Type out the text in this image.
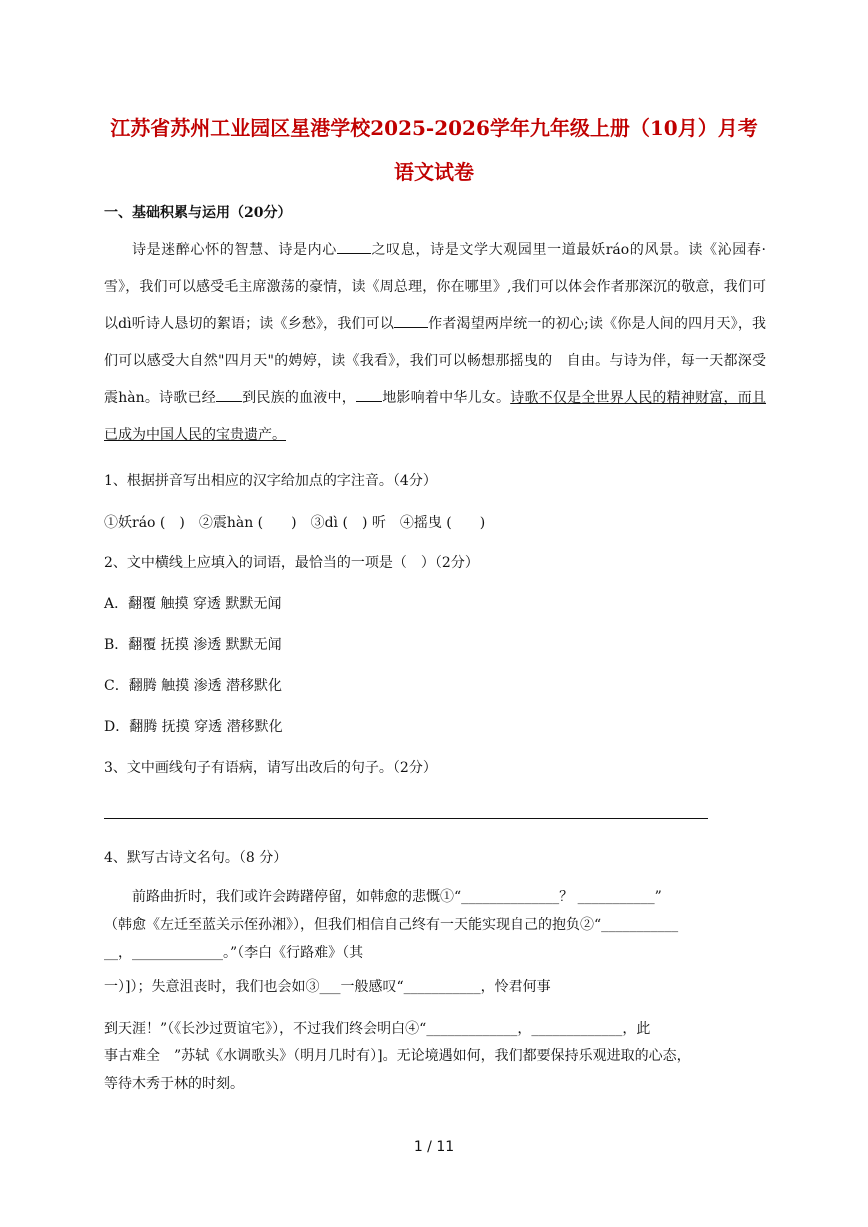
江苏省苏州工业园区星港学校2025-2026学年九年级上册（10月）月考
语文试卷
一、基础积累与运用（20分）

诗是迷醉心怀的智慧、诗是内心 之叹息，诗是文学大观园里一道最妖ráo的风景。读《沁园春·雪》，我们可以感受毛主席激荡的豪情，读《周总理，你在哪里》,我们可以体会作者那深沉的敬意，我们可以dì听诗人恳切的絮语；读《乡愁》，我们可以 作者渴望两岸统一的初心;读《你是人间的四月天》，我们可以感受大自然"四月天"的娉婷，读《我看》，我们可以畅想那摇曳的　自由。与诗为伴，每一天都深受震hàn。诗歌已经 到民族的血液中， 地影响着中华儿女。诗歌不仅是全世界人民的精神财富，而且已成为中国人民的宝贵遗产。

1、根据拼音写出相应的汉字给加点的字注音。（4分）
①妖ráo (　)　②震hàn (　　)　③dì (　) 听　④摇曳 (　　)
2、文中横线上应填入的词语，最恰当的一项是（　）（2分）
A．翻覆 触摸 穿透 默默无闻
B．翻覆 抚摸 渗透 默默无闻
C．翻腾 触摸 渗透 潜移默化
D．翻腾 抚摸 穿透 潜移默化
3、文中画线句子有语病，请写出改后的句子。（2分）
4、默写古诗文名句。（8 分）
前路曲折时，我们或许会踌躇停留，如韩愈的悲慨①“______________？ ___________”
（韩愈《左迁至蓝关示侄孙湘》），但我们相信自己终有一天能实现自己的抱负②“___________
__，_____________。”（李白《行路难》（其
一）]）；失意沮丧时，我们也会如③___一般感叹“___________，怜君何事
到天涯！”（《长沙过贾谊宅》），不过我们终会明白④“_____________，_____________，此
事古难全　”苏轼《水调歌头》（明月几时有）]。无论境遇如何，我们都要保持乐观进取的心态，
等待木秀于林的时刻。
1 / 11
